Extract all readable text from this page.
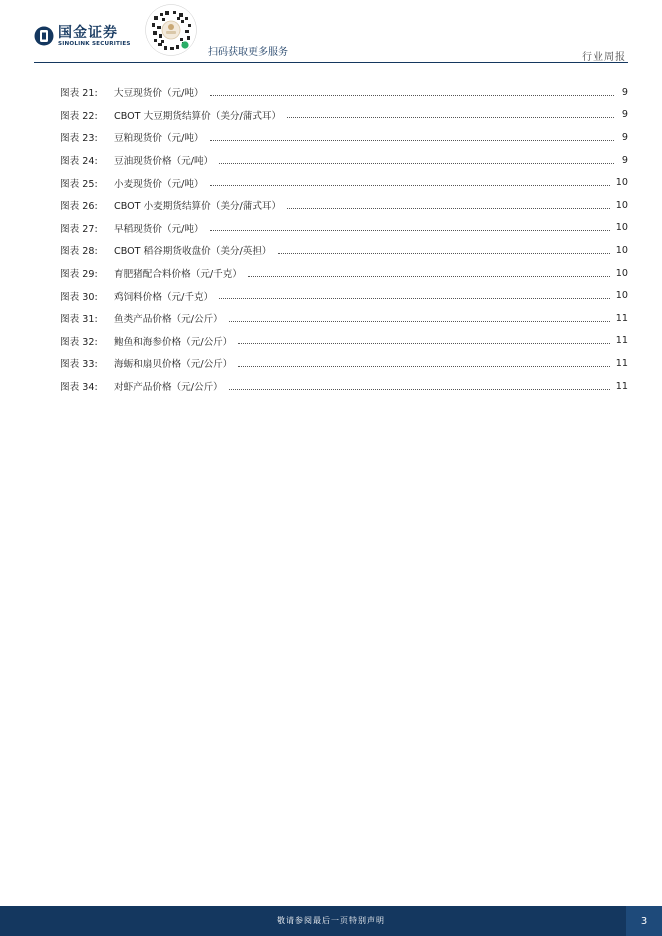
国金证券
SINOLINK SECURITIES
扫码获取更多服务	行业周报
图表 21:	大豆现货价（元/吨）	9
图表 22:	CBOT 大豆期货结算价（美分/蒲式耳）	9
图表 23:	豆粕现货价（元/吨）	9
图表 24:	豆油现货价格（元/吨）	9
图表 25:	小麦现货价（元/吨）	10
图表 26:	CBOT 小麦期货结算价（美分/蒲式耳）	10
图表 27:	早稻现货价（元/吨）	10
图表 28:	CBOT 稻谷期货收盘价（美分/英担）	10
图表 29:	育肥猪配合料价格（元/千克）	10
图表 30:	鸡饲料价格（元/千克）	10
图表 31:	鱼类产品价格（元/公斤）	11
图表 32:	鲍鱼和海参价格（元/公斤）	11
图表 33:	海蛎和扇贝价格（元/公斤）	11
图表 34:	对虾产品价格（元/公斤）	11
敬请参阅最后一页特别声明	3
